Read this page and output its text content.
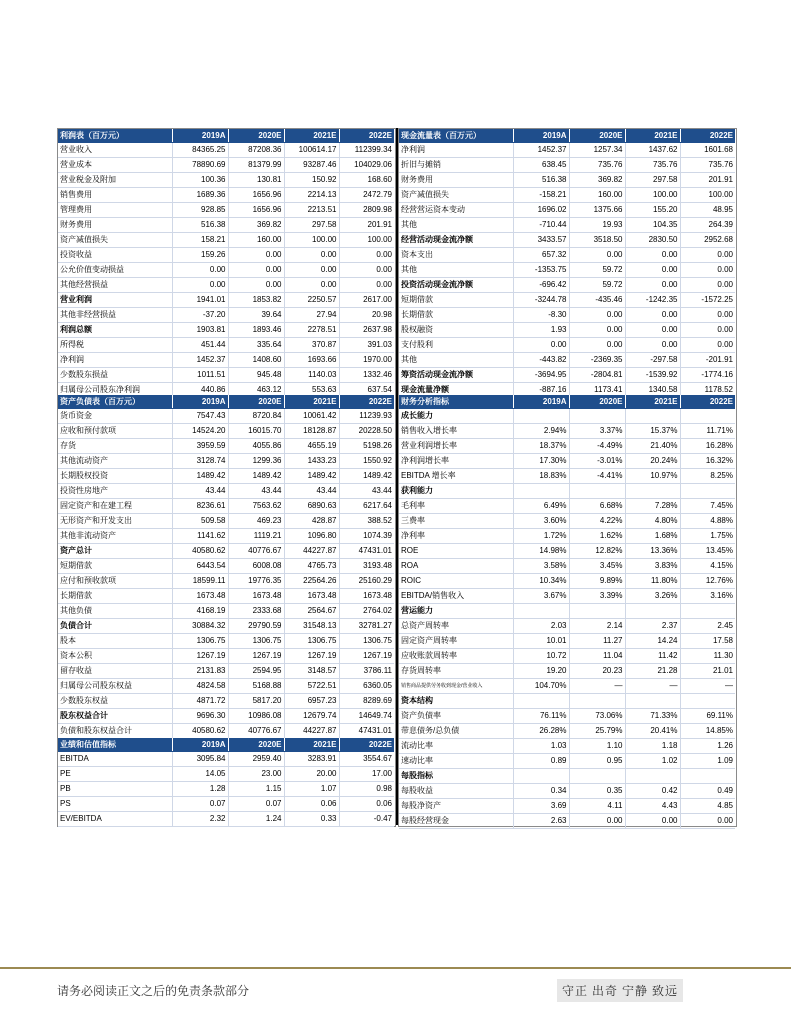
利润表（百万元）	2019A	2020E	2021E	2022E
营业收入	84365.25	87208.36	100614.17	112399.34
营业成本	78890.69	81379.99	93287.46	104029.06
营业税金及附加	100.36	130.81	150.92	168.60
销售费用	1689.36	1656.96	2214.13	2472.79
管理费用	928.85	1656.96	2213.51	2809.98
财务费用	516.38	369.82	297.58	201.91
资产减值损失	158.21	160.00	100.00	100.00
投资收益	159.26	0.00	0.00	0.00
公允价值变动损益	0.00	0.00	0.00	0.00
其他经营损益	0.00	0.00	0.00	0.00
营业利润	1941.01	1853.82	2250.57	2617.00
其他非经营损益	-37.20	39.64	27.94	20.98
利润总额	1903.81	1893.46	2278.51	2637.98
所得税	451.44	335.64	370.87	391.03
净利润	1452.37	1408.60	1693.66	1970.00
少数股东损益	1011.51	945.48	1140.03	1332.46
归属母公司股东净利润	440.86	463.12	553.63	637.54
资产负债表（百万元）	2019A	2020E	2021E	2022E
货币资金	7547.43	8720.84	10061.42	11239.93
应收和预付款项	14524.20	16015.70	18128.87	20228.50
存货	3959.59	4055.86	4655.19	5198.26
其他流动资产	3128.74	1299.36	1433.23	1550.92
长期股权投资	1489.42	1489.42	1489.42	1489.42
投资性房地产	43.44	43.44	43.44	43.44
固定资产和在建工程	8236.61	7563.62	6890.63	6217.64
无形资产和开发支出	509.58	469.23	428.87	388.52
其他非流动资产	1141.62	1119.21	1096.80	1074.39
资产总计	40580.62	40776.67	44227.87	47431.01
短期借款	6443.54	6008.08	4765.73	3193.48
应付和预收款项	18599.11	19776.35	22564.26	25160.29
长期借款	1673.48	1673.48	1673.48	1673.48
其他负债	4168.19	2333.68	2564.67	2764.02
负债合计	30884.32	29790.59	31548.13	32781.27
股本	1306.75	1306.75	1306.75	1306.75
资本公积	1267.19	1267.19	1267.19	1267.19
留存收益	2131.83	2594.95	3148.57	3786.11
归属母公司股东权益	4824.58	5168.88	5722.51	6360.05
少数股东权益	4871.72	5817.20	6957.23	8289.69
股东权益合计	9696.30	10986.08	12679.74	14649.74
负债和股东权益合计	40580.62	40776.67	44227.87	47431.01
业绩和估值指标	2019A	2020E	2021E	2022E
EBITDA	3095.84	2959.40	3283.91	3554.67
PE	14.05	23.00	20.00	17.00
PB	1.28	1.15	1.07	0.98
PS	0.07	0.07	0.06	0.06
EV/EBITDA	2.32	1.24	0.33	-0.47
现金流量表（百万元）	2019A	2020E	2021E	2022E
净利润	1452.37	1257.34	1437.62	1601.68
折旧与摊销	638.45	735.76	735.76	735.76
财务费用	516.38	369.82	297.58	201.91
资产减值损失	-158.21	160.00	100.00	100.00
经营营运资本变动	1696.02	1375.66	155.20	48.95
其他	-710.44	19.93	104.35	264.39
经营活动现金流净额	3433.57	3518.50	2830.50	2952.68
资本支出	657.32	0.00	0.00	0.00
其他	-1353.75	59.72	0.00	0.00
投资活动现金流净额	-696.42	59.72	0.00	0.00
短期借款	-3244.78	-435.46	-1242.35	-1572.25
长期借款	-8.30	0.00	0.00	0.00
股权融资	1.93	0.00	0.00	0.00
支付股利	0.00	0.00	0.00	0.00
其他	-443.82	-2369.35	-297.58	-201.91
筹资活动现金流净额	-3694.95	-2804.81	-1539.92	-1774.16
现金流量净额	-887.16	1173.41	1340.58	1178.52
财务分析指标	2019A	2020E	2021E	2022E
成长能力				
销售收入增长率	2.94%	3.37%	15.37%	11.71%
营业利润增长率	18.37%	-4.49%	21.40%	16.28%
净利润增长率	17.30%	-3.01%	20.24%	16.32%
EBITDA 增长率	18.83%	-4.41%	10.97%	8.25%
获利能力				
毛利率	6.49%	6.68%	7.28%	7.45%
三费率	3.60%	4.22%	4.80%	4.88%
净利率	1.72%	1.62%	1.68%	1.75%
ROE	14.98%	12.82%	13.36%	13.45%
ROA	3.58%	3.45%	3.83%	4.15%
ROIC	10.34%	9.89%	11.80%	12.76%
EBITDA/销售收入	3.67%	3.39%	3.26%	3.16%
营运能力				
总资产周转率	2.03	2.14	2.37	2.45
固定资产周转率	10.01	11.27	14.24	17.58
应收账款周转率	10.72	11.04	11.42	11.30
存货周转率	19.20	20.23	21.28	21.01
销售商品提供劳务收到现金/营业收入	104.70%	—	—	—
资本结构				
资产负债率	76.11%	73.06%	71.33%	69.11%
带息债务/总负债	26.28%	25.79%	20.41%	14.85%
流动比率	1.03	1.10	1.18	1.26
速动比率	0.89	0.95	1.02	1.09
每股指标				
每股收益	0.34	0.35	0.42	0.49
每股净资产	3.69	4.11	4.43	4.85
每股经营现金	2.63	0.00	0.00	0.00
请务必阅读正文之后的免责条款部分	守正 出奇 宁静 致远
